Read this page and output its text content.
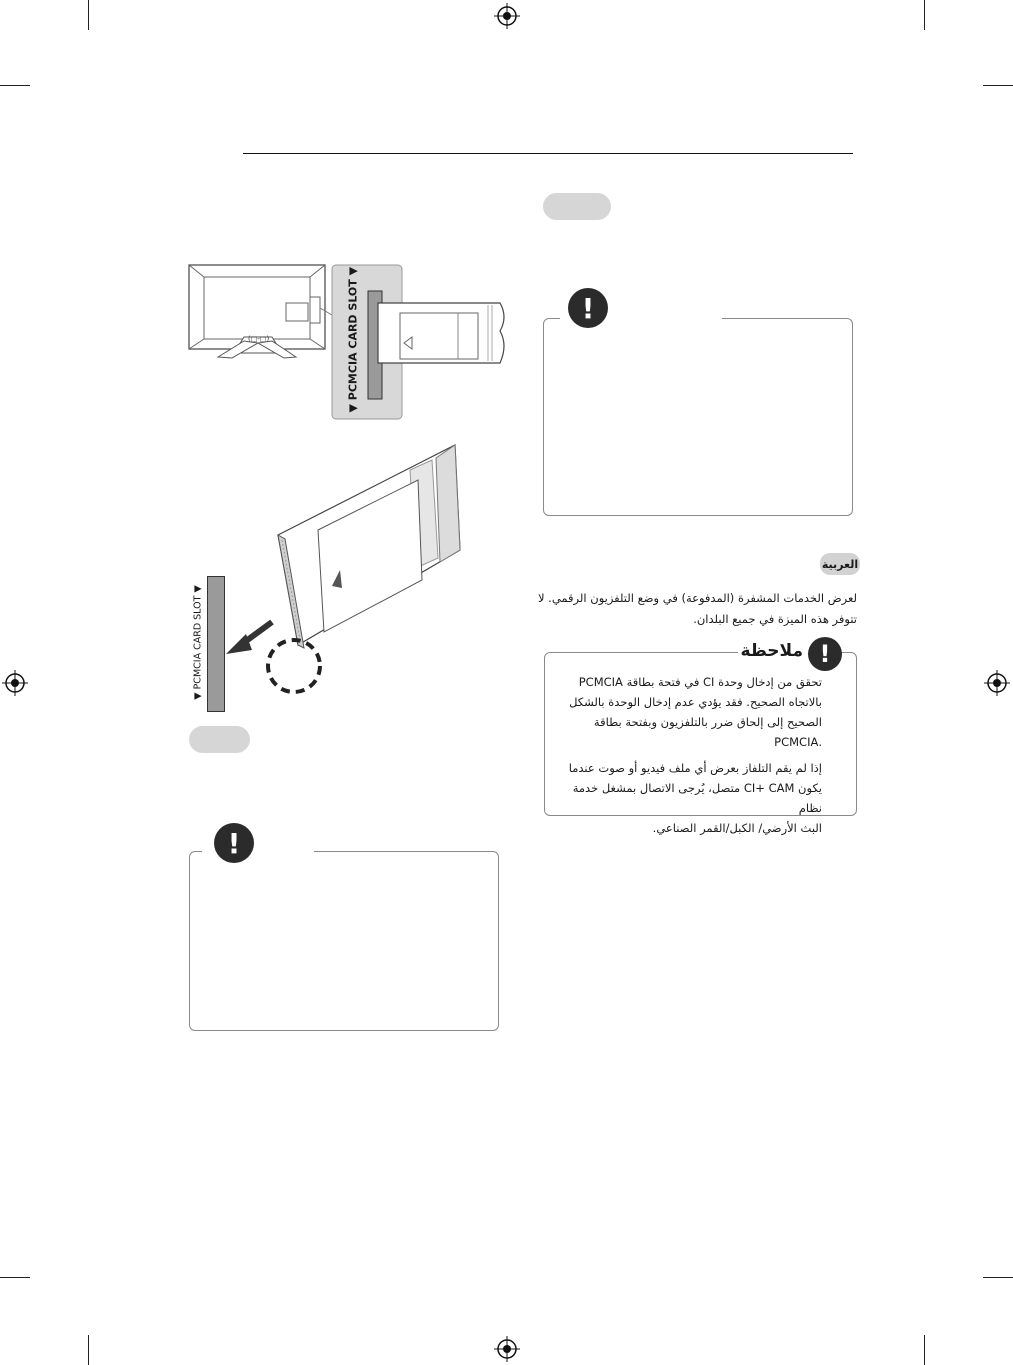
(□-□)	▼ PCMCIA CARD SLOT ▼
▼ PCMCIA CARD SLOT ▼
!
!
العربية
لعرض الخدمات المشفرة (المدفوعة) في وضع التلفزيون الرقمي. لا
تتوفر هذه الميزة في جميع البلدان.
!
ملاحظة

تحقق من إدخال وحدة CI في فتحة بطاقة PCMCIA
بالاتجاه الصحيح. فقد يؤدي عدم إدخال الوحدة بالشكل
الصحيح إلى إلحاق ضرر بالتلفزيون وبفتحة بطاقة
.PCMCIA

إذا لم يقم التلفاز بعرض أي ملف فيديو أو صوت عندما
يكون CI+ CAM متصل، يُرجى الاتصال بمشغل خدمة نظام
البث الأرضي/ الكبل/القمر الصناعي.
